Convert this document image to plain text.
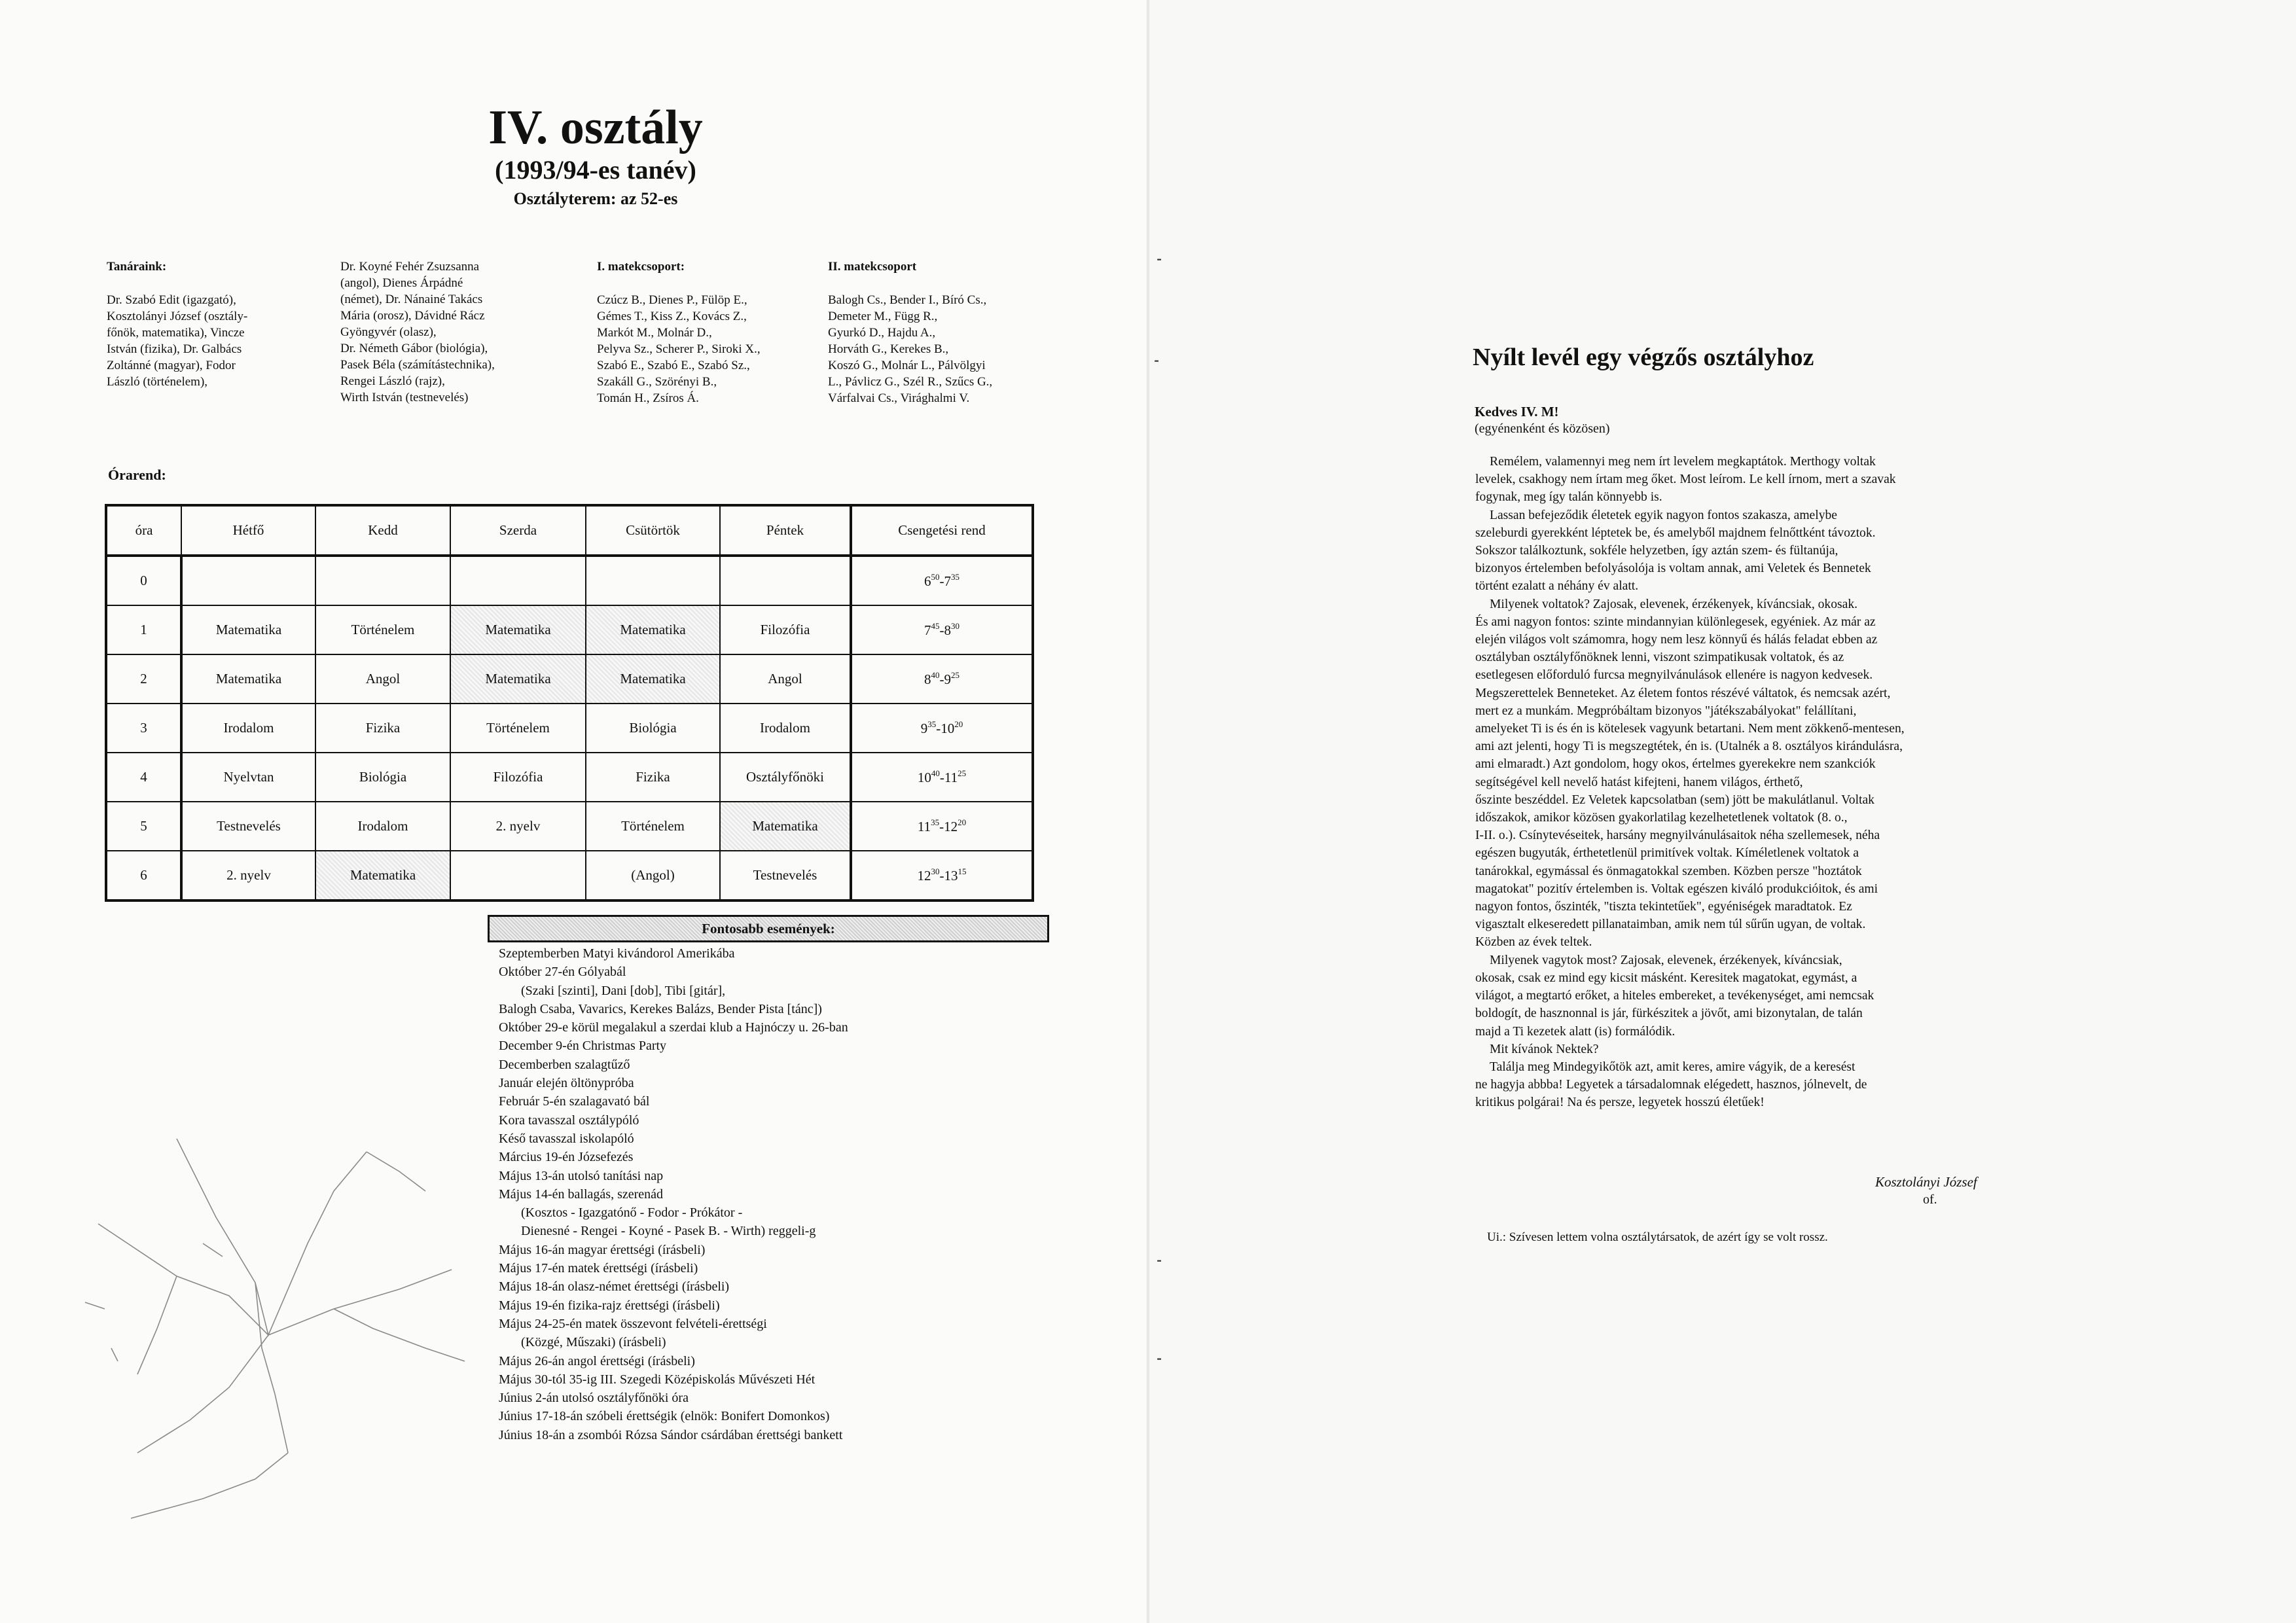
IV. osztály
(1993/94-es tanév)
Osztályterem: az 52-es
Tanáraink:
Dr. Szabó Edit (igazgató),
Kosztolányi József (osztály-
főnök, matematika), Vincze
István (fizika), Dr. Galbács
Zoltánné (magyar), Fodor
László (történelem),
Dr. Koyné Fehér Zsuzsanna
(angol), Dienes Árpádné
(német), Dr. Nánainé Takács
Mária (orosz), Dávidné Rácz
Gyöngyvér (olasz),
Dr. Németh Gábor (biológia),
Pasek Béla (számítástechnika),
Rengei László (rajz),
Wirth István (testnevelés)
I. matekcsoport:
Czúcz B., Dienes P., Fülöp E.,
Gémes T., Kiss Z., Kovács Z.,
Markót M., Molnár D.,
Pelyva Sz., Scherer P., Siroki X.,
Szabó E., Szabó E., Szabó Sz.,
Szakáll G., Szörényi B.,
Tomán H., Zsíros Á.
II. matekcsoport
Balogh Cs., Bender I., Bíró Cs.,
Demeter M., Függ R.,
Gyurkó D., Hajdu A.,
Horváth G., Kerekes B.,
Koszó G., Molnár L., Pálvölgyi
L., Pávlicz G., Szél R., Szűcs G.,
Várfalvai Cs., Virághalmi V.
Órarend:
óra	Hétfő	Kedd	Szerda	Csütörtök	Péntek	Csengetési rend
0						$6^{50}-7^{35}$
1	Matematika	Történelem	Matematika	Matematika	Filozófia	$7^{45}-8^{30}$
2	Matematika	Angol	Matematika	Matematika	Angol	$8^{40}-9^{25}$
3	Irodalom	Fizika	Történelem	Biológia	Irodalom	$9^{35}-10^{20}$
4	Nyelvtan	Biológia	Filozófia	Fizika	Osztályfőnöki	$10^{40}-11^{25}$
5	Testnevelés	Irodalom	2. nyelv	Történelem	Matematika	$11^{35}-12^{20}$
6	2. nyelv	Matematika		(Angol)	Testnevelés	$12^{30}-13^{15}$
Fontosabb események:
Szeptemberben Matyi kivándorol Amerikába
Október 27-én Gólyabál
(Szaki [szinti], Dani [dob], Tibi [gitár],
Balogh Csaba, Vavarics, Kerekes Balázs, Bender Pista [tánc])
Október 29-e körül megalakul a szerdai klub a Hajnóczy u. 26-ban
December 9-én Christmas Party
Decemberben szalagtűző
Január elején öltönypróba
Február 5-én szalagavató bál
Kora tavasszal osztálypóló
Késő tavasszal iskolapóló
Március 19-én Józsefezés
Május 13-án utolsó tanítási nap
Május 14-én ballagás, szerenád
(Kosztos - Igazgatónő - Fodor - Prókátor -
Dienesné - Rengei - Koyné - Pasek B. - Wirth) reggeli-g
Május 16-án magyar érettségi (írásbeli)
Május 17-én matek érettségi (írásbeli)
Május 18-án olasz-német érettségi (írásbeli)
Május 19-én fizika-rajz érettségi (írásbeli)
Május 24-25-én matek összevont felvételi-érettségi
(Közgé, Műszaki) (írásbeli)
Május 26-án angol érettségi (írásbeli)
Május 30-tól 35-ig III. Szegedi Középiskolás Művészeti Hét
Június 2-án utolsó osztályfőnöki óra
Június 17-18-án szóbeli érettségik (elnök: Bonifert Domonkos)
Június 18-án a zsombói Rózsa Sándor csárdában érettségi bankett
⁃
⁃
⁃
⁃
Nyílt levél egy végzős osztályhoz
Kedves IV. M!
(egyénenként és közösen)
Remélem, valamennyi meg nem írt levelem megkaptátok. Merthogy voltak
levelek, csakhogy nem írtam meg őket. Most leírom. Le kell írnom, mert a szavak
fogynak, meg így talán könnyebb is.
Lassan befejeződik életetek egyik nagyon fontos szakasza, amelybe
szeleburdi gyerekként léptetek be, és amelyből majdnem felnőttként távoztok.
Sokszor találkoztunk, sokféle helyzetben, így aztán szem- és fültanúja,
bizonyos értelemben befolyásolója is voltam annak, ami Veletek és Bennetek
történt ezalatt a néhány év alatt.
Milyenek voltatok? Zajosak, elevenek, érzékenyek, kíváncsiak, okosak.
És ami nagyon fontos: szinte mindannyian különlegesek, egyéniek. Az már az
elején világos volt számomra, hogy nem lesz könnyű és hálás feladat ebben az
osztályban osztályfőnöknek lenni, viszont szimpatikusak voltatok, és az
esetlegesen előforduló furcsa megnyilvánulások ellenére is nagyon kedvesek.
Megszerettelek Benneteket. Az életem fontos részévé váltatok, és nemcsak azért,
mert ez a munkám. Megpróbáltam bizonyos "játékszabályokat" felállítani,
amelyeket Ti is és én is kötelesek vagyunk betartani. Nem ment zökkenő-mentesen,
ami azt jelenti, hogy Ti is megszegtétek, én is. (Utalnék a 8. osztályos kirándulásra,
ami elmaradt.) Azt gondolom, hogy okos, értelmes gyerekekre nem szankciók
segítségével kell nevelő hatást kifejteni, hanem világos, érthető,
őszinte beszéddel. Ez Veletek kapcsolatban (sem) jött be makulátlanul. Voltak
időszakok, amikor közösen gyakorlatilag kezelhetetlenek voltatok (8. o.,
I-II. o.). Csínytevéseitek, harsány megnyilvánulásaitok néha szellemesek, néha
egészen bugyuták, érthetetlenül primitívek voltak. Kíméletlenek voltatok a
tanárokkal, egymással és önmagatokkal szemben. Közben persze "hoztátok
magatokat" pozitív értelemben is. Voltak egészen kiváló produkcióitok, és ami
nagyon fontos, őszinték, "tiszta tekintetűek", egyéniségek maradtatok. Ez
vigasztalt elkeseredett pillanataimban, amik nem túl sűrűn ugyan, de voltak.
Közben az évek teltek.
Milyenek vagytok most? Zajosak, elevenek, érzékenyek, kíváncsiak,
okosak, csak ez mind egy kicsit másként. Keresitek magatokat, egymást, a
világot, a megtartó erőket, a hiteles embereket, a tevékenységet, ami nemcsak
boldogít, de hasznonnal is jár, fürkészitek a jövőt, ami bizonytalan, de talán
majd a Ti kezetek alatt (is) formálódik.
Mit kívánok Nektek?
Találja meg Mindegyikőtök azt, amit keres, amire vágyik, de a keresést
ne hagyja abbba! Legyetek a társadalomnak elégedett, hasznos, jólnevelt, de
kritikus polgárai! Na és persze, legyetek hosszú életűek!
Kosztolányi József
of.
Ui.: Szívesen lettem volna osztálytársatok, de azért így se volt rossz.
